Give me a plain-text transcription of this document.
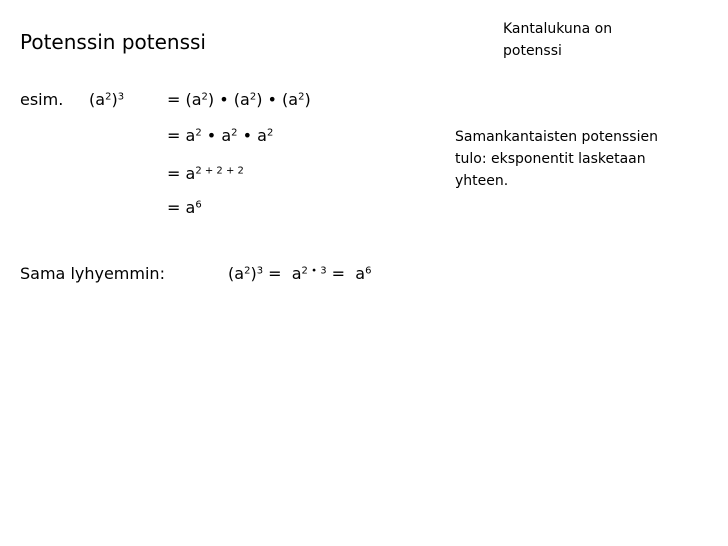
Potenssin potenssi
Kantalukuna on
potenssi
Samankantaisten potenssien
tulo: eksponentit lasketaan
yhteen.
esim. $(a^2)^3$	= $(a^2)$ • $(a^2)$ • $(a^2)$
= $a^2$ • $a^2$ • $a^2$
= $a^{2 + 2 + 2}$
= $a^6$
Sama lyhyemmin:	$(a^2)^3 = a^{2 • 3} = a^6$
